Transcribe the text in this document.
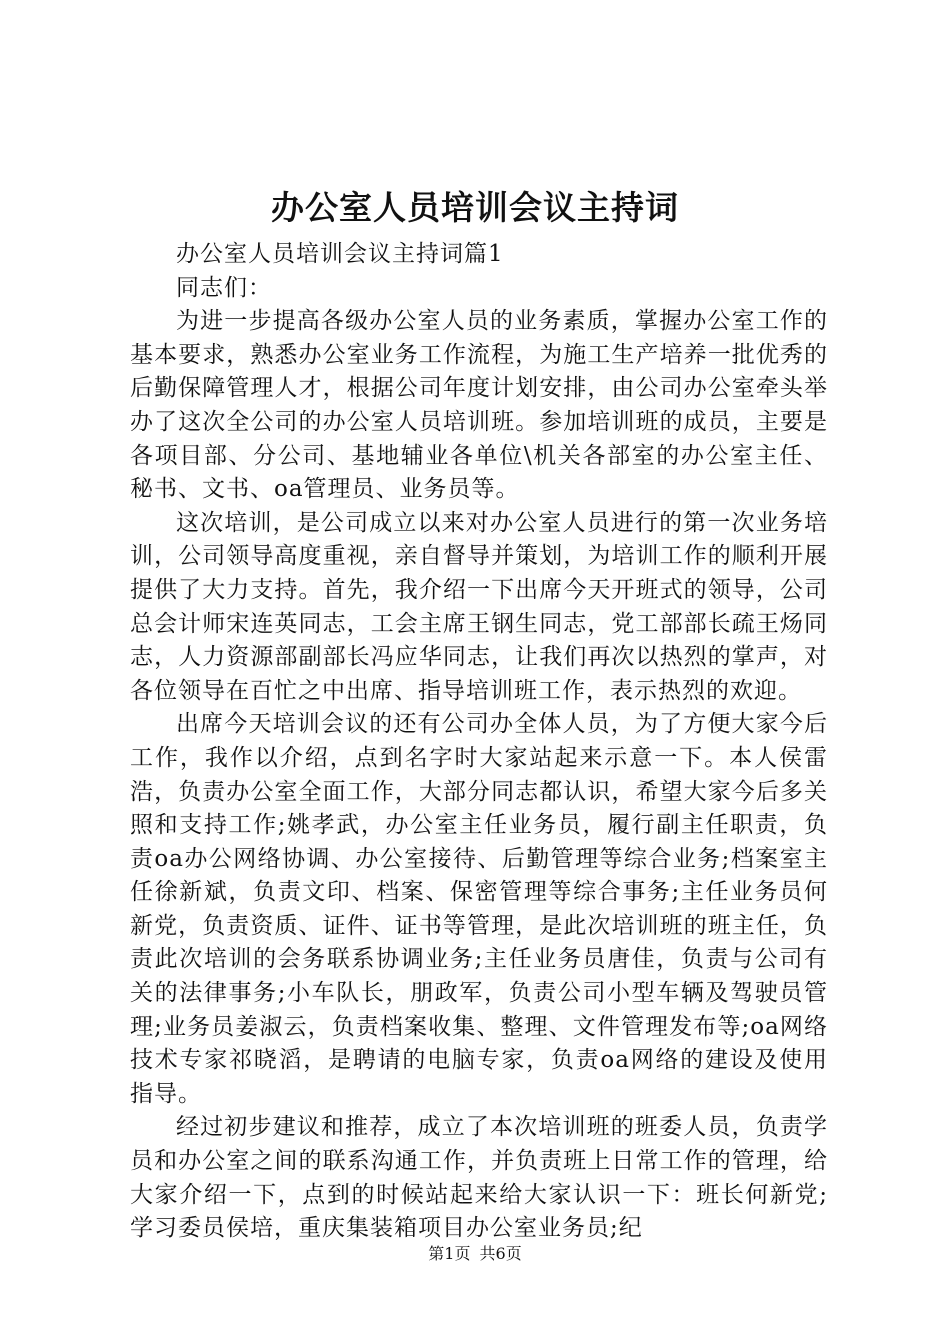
办公室人员培训会议主持词

办公室人员培训会议主持词篇1

同志们：

为进一步提高各级办公室人员的业务素质，掌握办公室工作的基本要求，熟悉办公室业务工作流程，为施工生产培养一批优秀的后勤保障管理人才，根据公司年度计划安排，由公司办公室牵头举办了这次全公司的办公室人员培训班。参加培训班的成员，主要是各项目部、分公司、基地辅业各单位\机关各部室的办公室主任、秘书、文书、oa管理员、业务员等。

这次培训，是公司成立以来对办公室人员进行的第一次业务培训，公司领导高度重视，亲自督导并策划，为培训工作的顺利开展提供了大力支持。首先，我介绍一下出席今天开班式的领导，公司总会计师宋连英同志，工会主席王钢生同志，党工部部长疏王炀同志，人力资源部副部长冯应华同志，让我们再次以热烈的掌声，对各位领导在百忙之中出席、指导培训班工作，表示热烈的欢迎。

出席今天培训会议的还有公司办全体人员，为了方便大家今后工作，我作以介绍，点到名字时大家站起来示意一下。本人侯雷浩，负责办公室全面工作，大部分同志都认识，希望大家今后多关照和支持工作;姚孝武，办公室主任业务员，履行副主任职责，负责oa办公网络协调、办公室接待、后勤管理等综合业务;档案室主任徐新斌，负责文印、档案、保密管理等综合事务;主任业务员何新党，负责资质、证件、证书等管理，是此次培训班的班主任，负责此次培训的会务联系协调业务;主任业务员唐佳，负责与公司有关的法律事务;小车队长，朋政军，负责公司小型车辆及驾驶员管理;业务员姜淑云，负责档案收集、整理、文件管理发布等;oa网络技术专家祁晓滔，是聘请的电脑专家，负责oa网络的建设及使用指导。

经过初步建议和推荐，成立了本次培训班的班委人员，负责学员和办公室之间的联系沟通工作，并负责班上日常工作的管理，给大家介绍一下，点到的时候站起来给大家认识一下：班长何新党;学习委员侯培，重庆集装箱项目办公室业务员;纪

第1页 共6页
